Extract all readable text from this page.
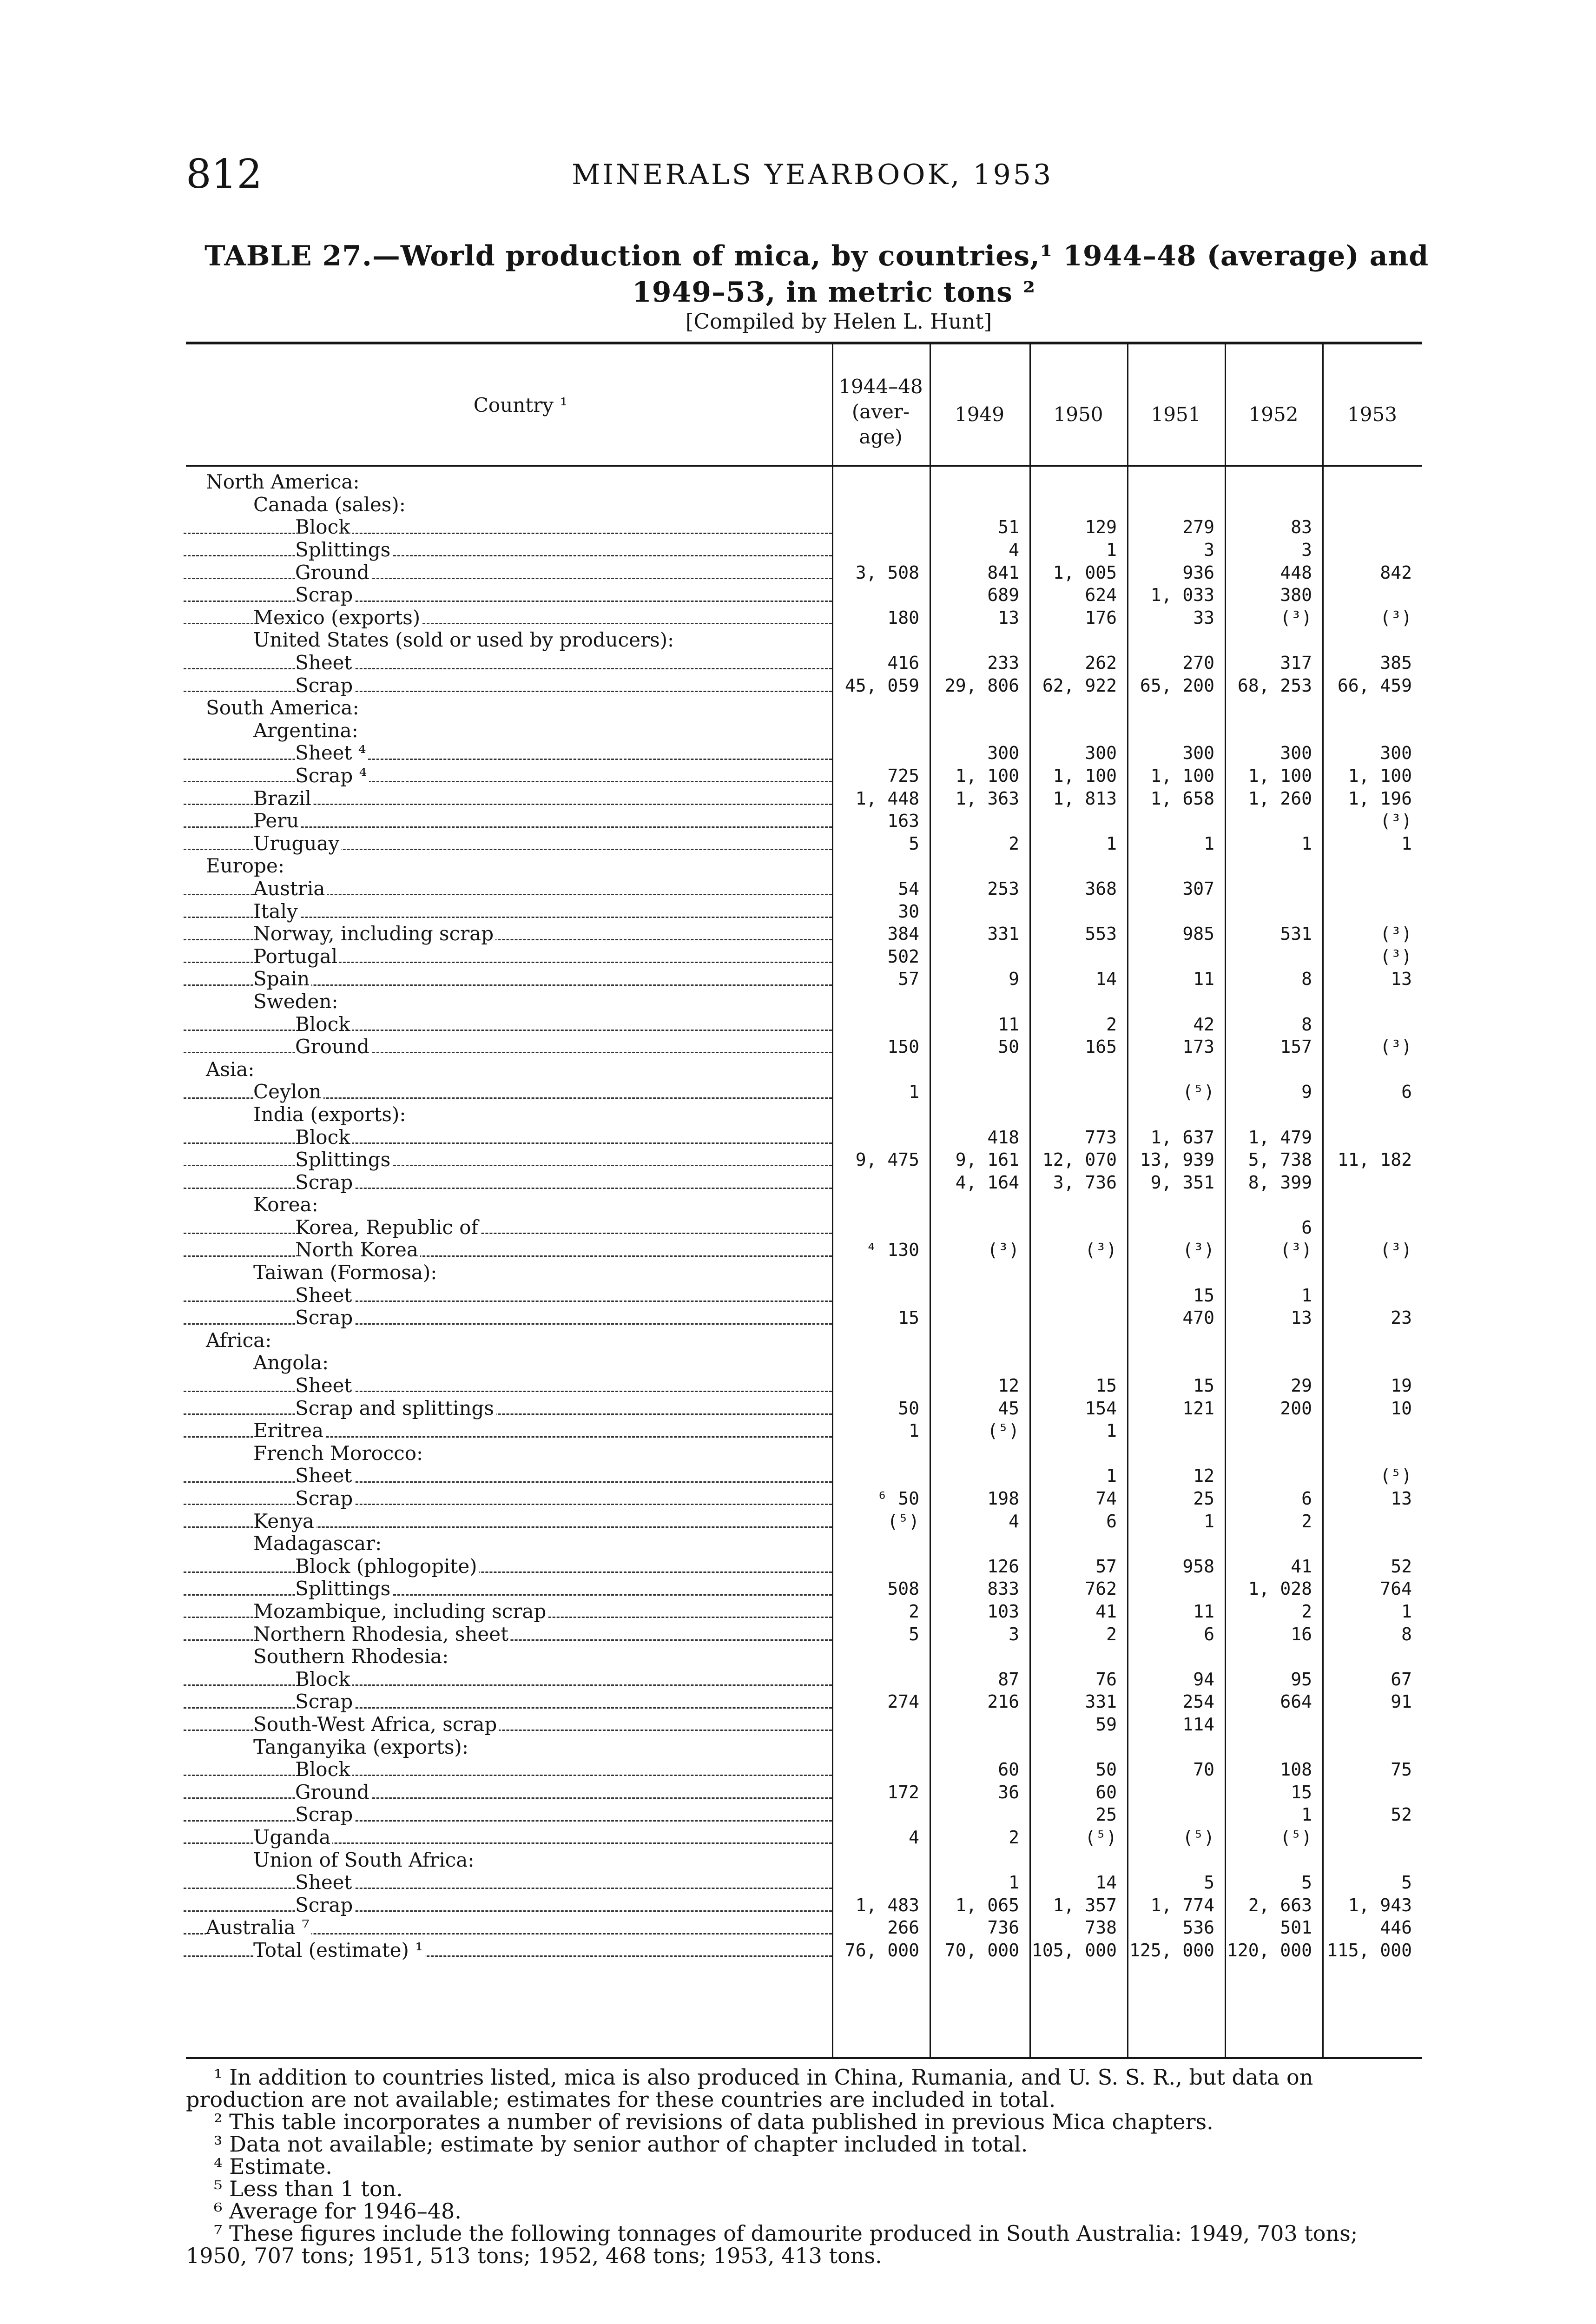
812	MINERALS YEARBOOK, 1953
TABLE 27.—World production of mica, by countries,¹ 1944–48 (average) and
1949–53, in metric tons ²
[Compiled by Helen L. Hunt]
Country ¹
1944–48 (aver- age)
1949	1950	1951	1952	1953
North America:						
Canada (sales):						

Block		51	129	279	83	

Splittings		4	1	3	3	

Ground	3, 508	841	1, 005	936	448	842

Scrap		689	624	1, 033	380	

Mexico (exports)	180	13	176	33	(³)	(³)
United States (sold or used by producers):						

Sheet	416	233	262	270	317	385

Scrap	45, 059	29, 806	62, 922	65, 200	68, 253	66, 459
South America:						
Argentina:						

Sheet ⁴		300	300	300	300	300

Scrap ⁴	725	1, 100	1, 100	1, 100	1, 100	1, 100

Brazil	1, 448	1, 363	1, 813	1, 658	1, 260	1, 196

Peru	163					(³)

Uruguay	5	2	1	1	1	1
Europe:						

Austria	54	253	368	307		

Italy	30					

Norway, including scrap	384	331	553	985	531	(³)

Portugal	502					(³)

Spain	57	9	14	11	8	13
Sweden:						

Block		11	2	42	8	

Ground	150	50	165	173	157	(³)
Asia:						

Ceylon	1			(⁵)	9	6
India (exports):						

Block		418	773	1, 637	1, 479	

Splittings	9, 475	9, 161	12, 070	13, 939	5, 738	11, 182

Scrap		4, 164	3, 736	9, 351	8, 399	
Korea:						

Korea, Republic of					6	

North Korea	⁴ 130	(³)	(³)	(³)	(³)	(³)
Taiwan (Formosa):						

Sheet				15	1	

Scrap	15			470	13	23
Africa:						
Angola:						

Sheet		12	15	15	29	19

Scrap and splittings	50	45	154	121	200	10

Eritrea	1	(⁵)	1			
French Morocco:						

Sheet			1	12		(⁵)

Scrap	⁶ 50	198	74	25	6	13

Kenya	(⁵)	4	6	1	2	
Madagascar:						

Block (phlogopite)		126	57	958	41	52

Splittings	508	833	762		1, 028	764

Mozambique, including scrap	2	103	41	11	2	1

Northern Rhodesia, sheet	5	3	2	6	16	8
Southern Rhodesia:						

Block		87	76	94	95	67

Scrap	274	216	331	254	664	91

South-West Africa, scrap			59	114		
Tanganyika (exports):						

Block		60	50	70	108	75

Ground	172	36	60		15	

Scrap			25		1	52

Uganda	4	2	(⁵)	(⁵)	(⁵)	
Union of South Africa:						

Sheet		1	14	5	5	5

Scrap	1, 483	1, 065	1, 357	1, 774	2, 663	1, 943

Australia ⁷	266	736	738	536	501	446

Total (estimate) ¹	76, 000	70, 000	105, 000	125, 000	120, 000	115, 000

¹ In addition to countries listed, mica is also produced in China, Rumania, and U. S. S. R., but data on

production are not available; estimates for these countries are included in total.

² This table incorporates a number of revisions of data published in previous Mica chapters.

³ Data not available; estimate by senior author of chapter included in total.

⁴ Estimate.

⁵ Less than 1 ton.

⁶ Average for 1946–48.

⁷ These figures include the following tonnages of damourite produced in South Australia: 1949, 703 tons;

1950, 707 tons; 1951, 513 tons; 1952, 468 tons; 1953, 413 tons.
